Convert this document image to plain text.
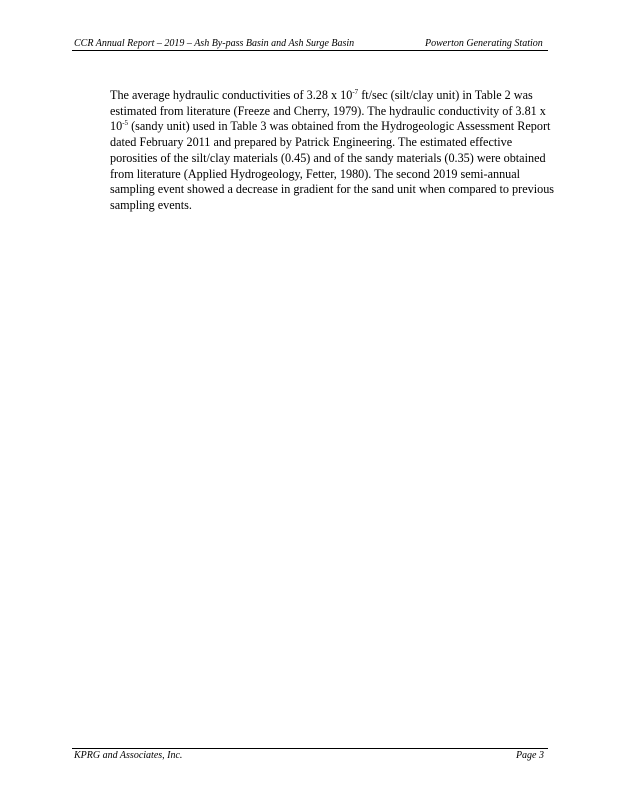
CCR Annual Report – 2019 – Ash By-pass Basin and Ash Surge Basin	Powerton Generating Station
The average hydraulic conductivities of 3.28 x $10^{-7}$ ft/sec (silt/clay unit) in Table 2 was
estimated from literature (Freeze and Cherry, 1979). The hydraulic conductivity of 3.81 x
$10^{-5}$ (sandy unit) used in Table 3 was obtained from the Hydrogeologic Assessment Report
dated February 2011 and prepared by Patrick Engineering. The estimated effective
porosities of the silt/clay materials (0.45) and of the sandy materials (0.35) were obtained
from literature (Applied Hydrogeology, Fetter, 1980). The second 2019 semi-annual
sampling event showed a decrease in gradient for the sand unit when compared to previous
sampling events.
KPRG and Associates, Inc.	Page 3
